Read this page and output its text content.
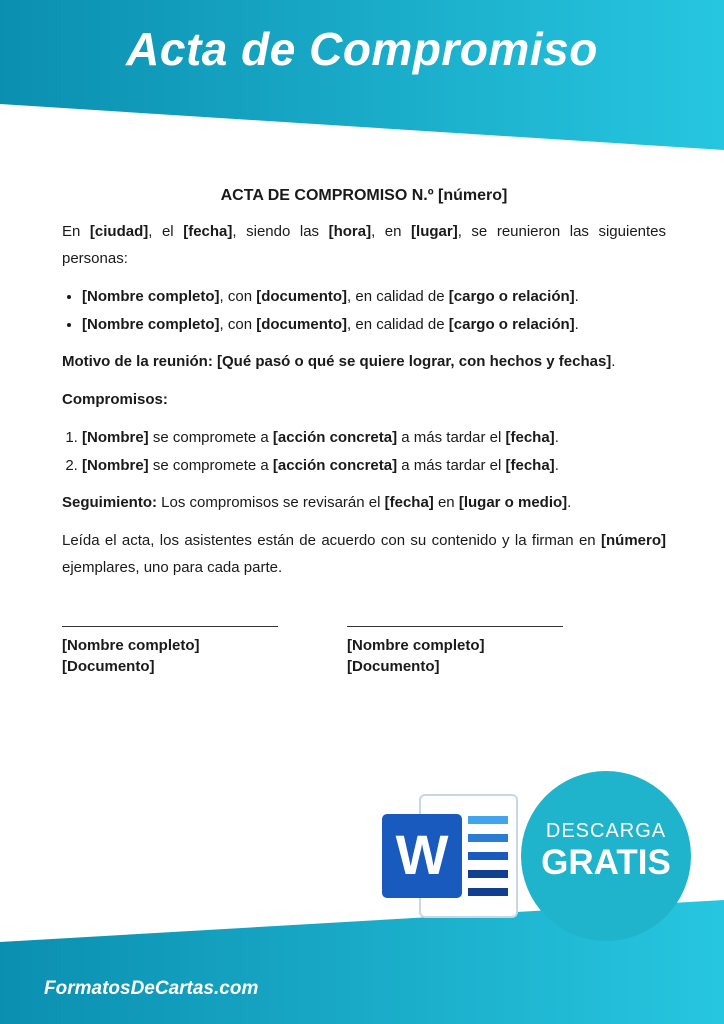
Acta de Compromiso
ACTA DE COMPROMISO N.º [número]

En [ciudad], el [fecha], siendo las [hora], en [lugar], se reunieron las siguientes personas:

• [Nombre completo], con [documento], en calidad de [cargo o relación].
• [Nombre completo], con [documento], en calidad de [cargo o relación].

Motivo de la reunión: [Qué pasó o qué se quiere lograr, con hechos y fechas].

Compromisos:

1. [Nombre] se compromete a [acción concreta] a más tardar el [fecha].
2. [Nombre] se compromete a [acción concreta] a más tardar el [fecha].

Seguimiento: Los compromisos se revisarán el [fecha] en [lugar o medio].

Leída el acta, los asistentes están de acuerdo con su contenido y la firman en [número] ejemplares, uno para cada parte.

[Nombre completo]
[Documento]
[Nombre completo]
[Documento]
W	DESCARGA
GRATIS
FormatosDeCartas.com
